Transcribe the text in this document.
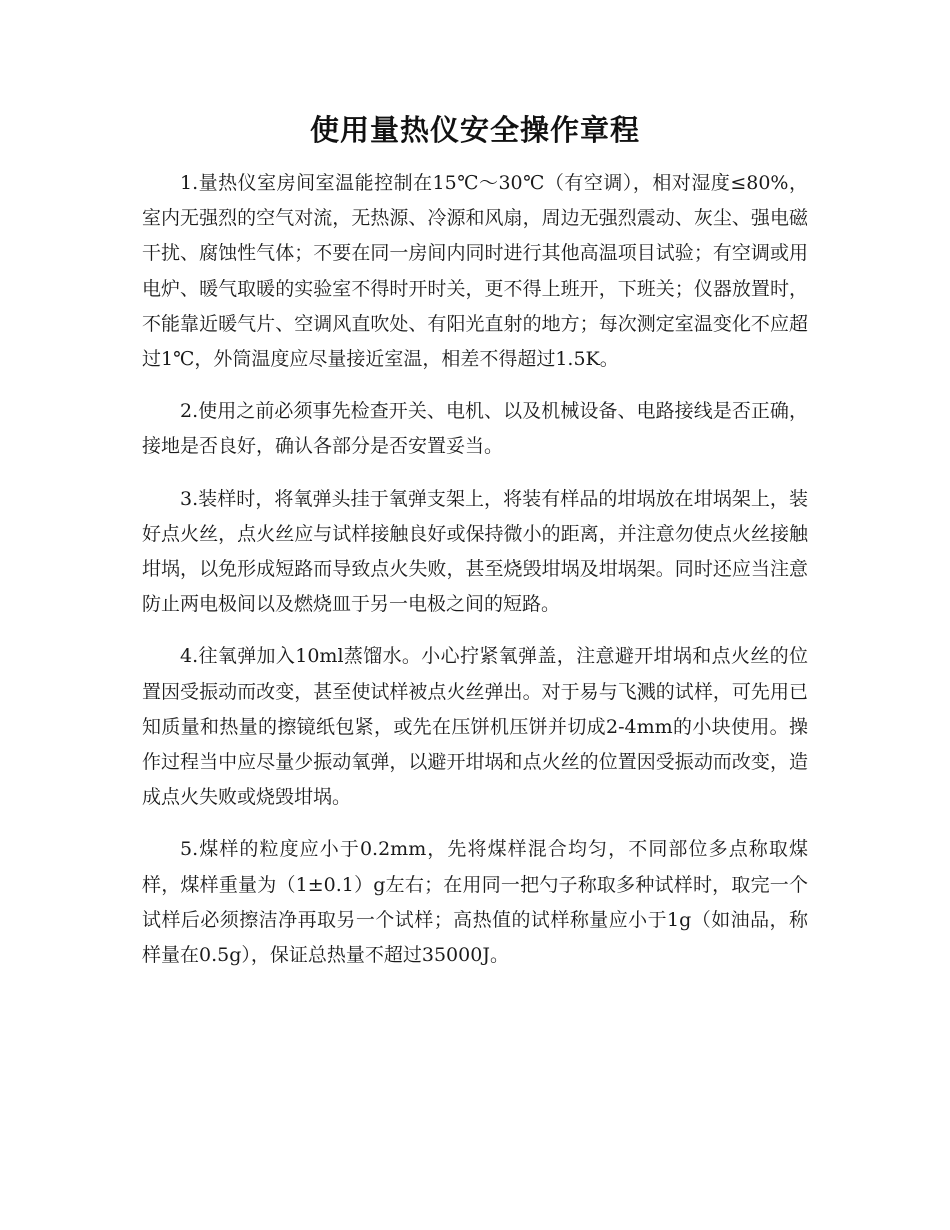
使用量热仪安全操作章程

1.量热仪室房间室温能控制在15℃～30℃（有空调），相对湿度≤80%，室内无强烈的空气对流，无热源、冷源和风扇，周边无强烈震动、灰尘、强电磁干扰、腐蚀性气体；不要在同一房间内同时进行其他高温项目试验；有空调或用电炉、暖气取暖的实验室不得时开时关，更不得上班开，下班关；仪器放置时，不能靠近暖气片、空调风直吹处、有阳光直射的地方；每次测定室温变化不应超过1℃，外筒温度应尽量接近室温，相差不得超过1.5K。

2.使用之前必须事先检查开关、电机、以及机械设备、电路接线是否正确，接地是否良好，确认各部分是否安置妥当。

3.装样时，将氧弹头挂于氧弹支架上，将装有样品的坩埚放在坩埚架上，装好点火丝，点火丝应与试样接触良好或保持微小的距离，并注意勿使点火丝接触坩埚，以免形成短路而导致点火失败，甚至烧毁坩埚及坩埚架。同时还应当注意防止两电极间以及燃烧皿于另一电极之间的短路。

4.往氧弹加入10ml蒸馏水。小心拧紧氧弹盖，注意避开坩埚和点火丝的位置因受振动而改变，甚至使试样被点火丝弹出。对于易与飞溅的试样，可先用已知质量和热量的擦镜纸包紧，或先在压饼机压饼并切成2-4mm的小块使用。操作过程当中应尽量少振动氧弹，以避开坩埚和点火丝的位置因受振动而改变，造成点火失败或烧毁坩埚。

5.煤样的粒度应小于0.2mm，先将煤样混合均匀，不同部位多点称取煤样，煤样重量为（1±0.1）g左右；在用同一把勺子称取多种试样时，取完一个试样后必须擦洁净再取另一个试样；高热值的试样称量应小于1g（如油品，称样量在0.5g），保证总热量不超过35000J。
